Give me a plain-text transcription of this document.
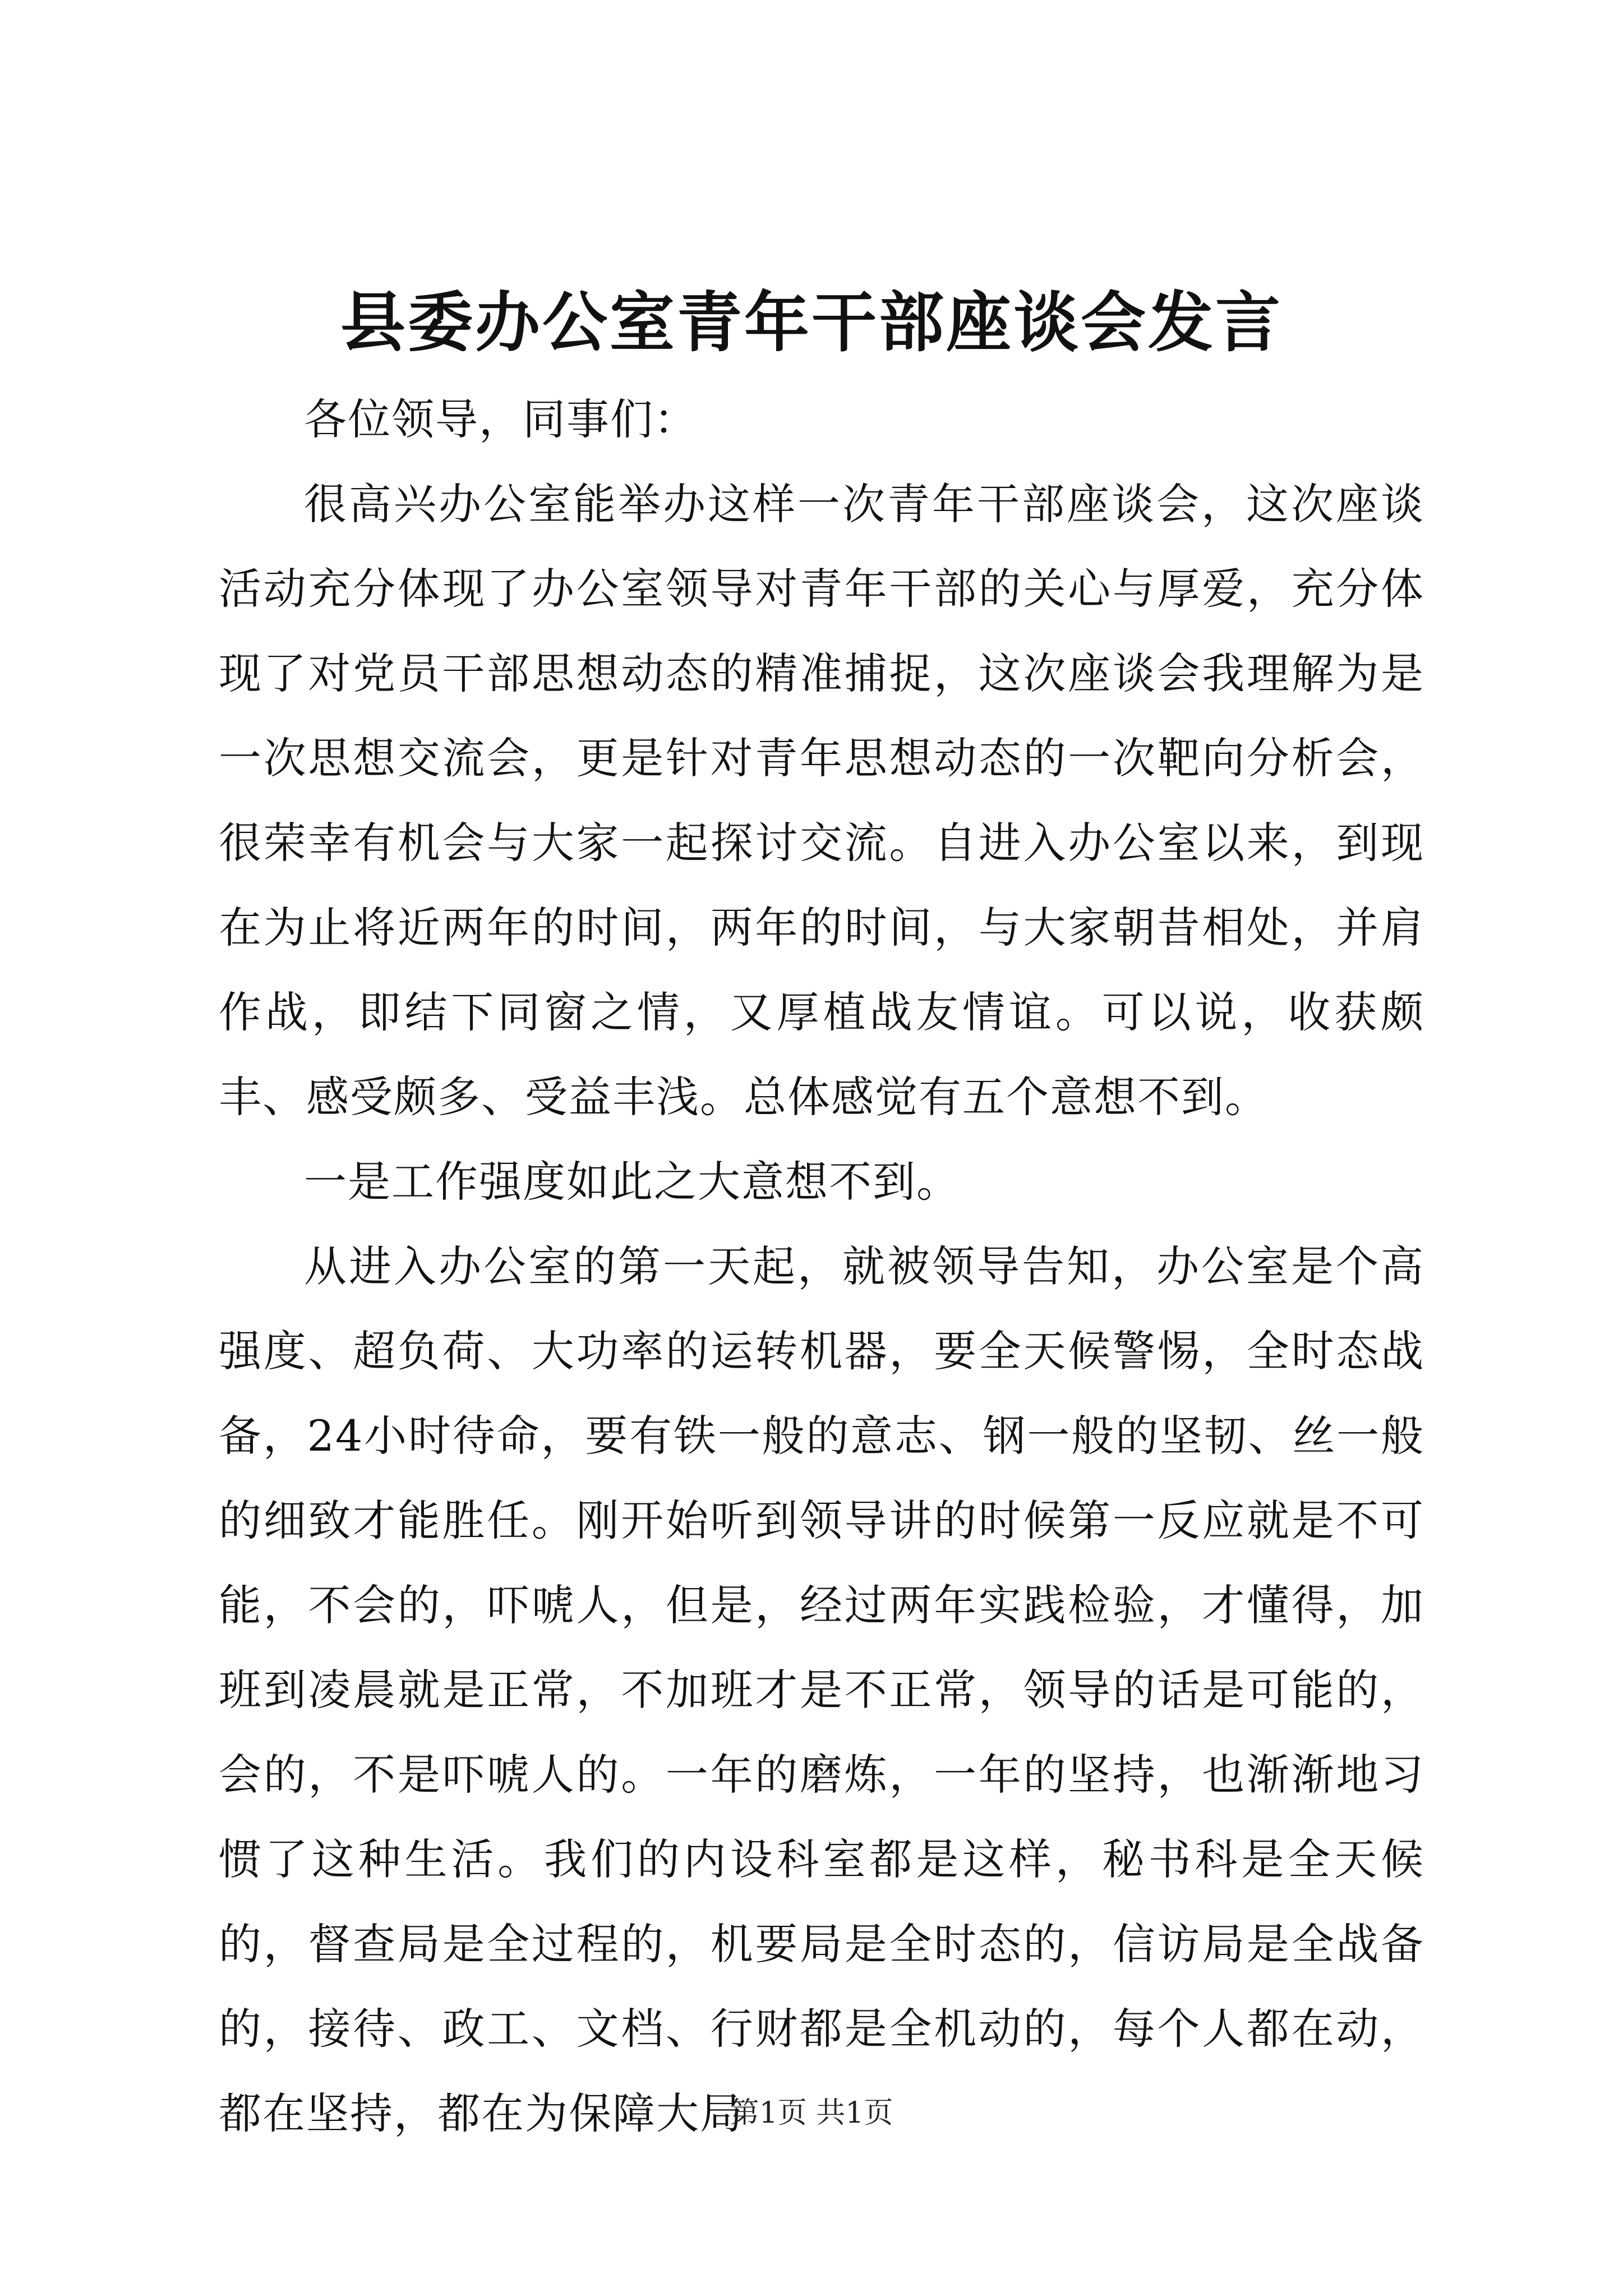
县委办公室青年干部座谈会发言

各位领导，同事们：

很高兴办公室能举办这样一次青年干部座谈会，这次座谈活动充分体现了办公室领导对青年干部的关心与厚爱，充分体现了对党员干部思想动态的精准捕捉，这次座谈会我理解为是一次思想交流会，更是针对青年思想动态的一次靶向分析会，很荣幸有机会与大家一起探讨交流。自进入办公室以来，到现在为止将近两年的时间，两年的时间，与大家朝昔相处，并肩作战，即结下同窗之情，又厚植战友情谊。可以说，收获颇丰、感受颇多、受益丰浅。总体感觉有五个意想不到。

一是工作强度如此之大意想不到。

从进入办公室的第一天起，就被领导告知，办公室是个高强度、超负荷、大功率的运转机器，要全天候警惕，全时态战备，24小时待命，要有铁一般的意志、钢一般的坚韧、丝一般的细致才能胜任。刚开始听到领导讲的时候第一反应就是不可能，不会的，吓唬人，但是，经过两年实践检验，才懂得，加班到凌晨就是正常，不加班才是不正常，领导的话是可能的，会的，不是吓唬人的。一年的磨炼，一年的坚持，也渐渐地习惯了这种生活。我们的内设科室都是这样，秘书科是全天候的，督查局是全过程的，机要局是全时态的，信访局是全战备的，接待、政工、文档、行财都是全机动的，每个人都在动，都在坚持，都在为保障大局

第1页 共1页
